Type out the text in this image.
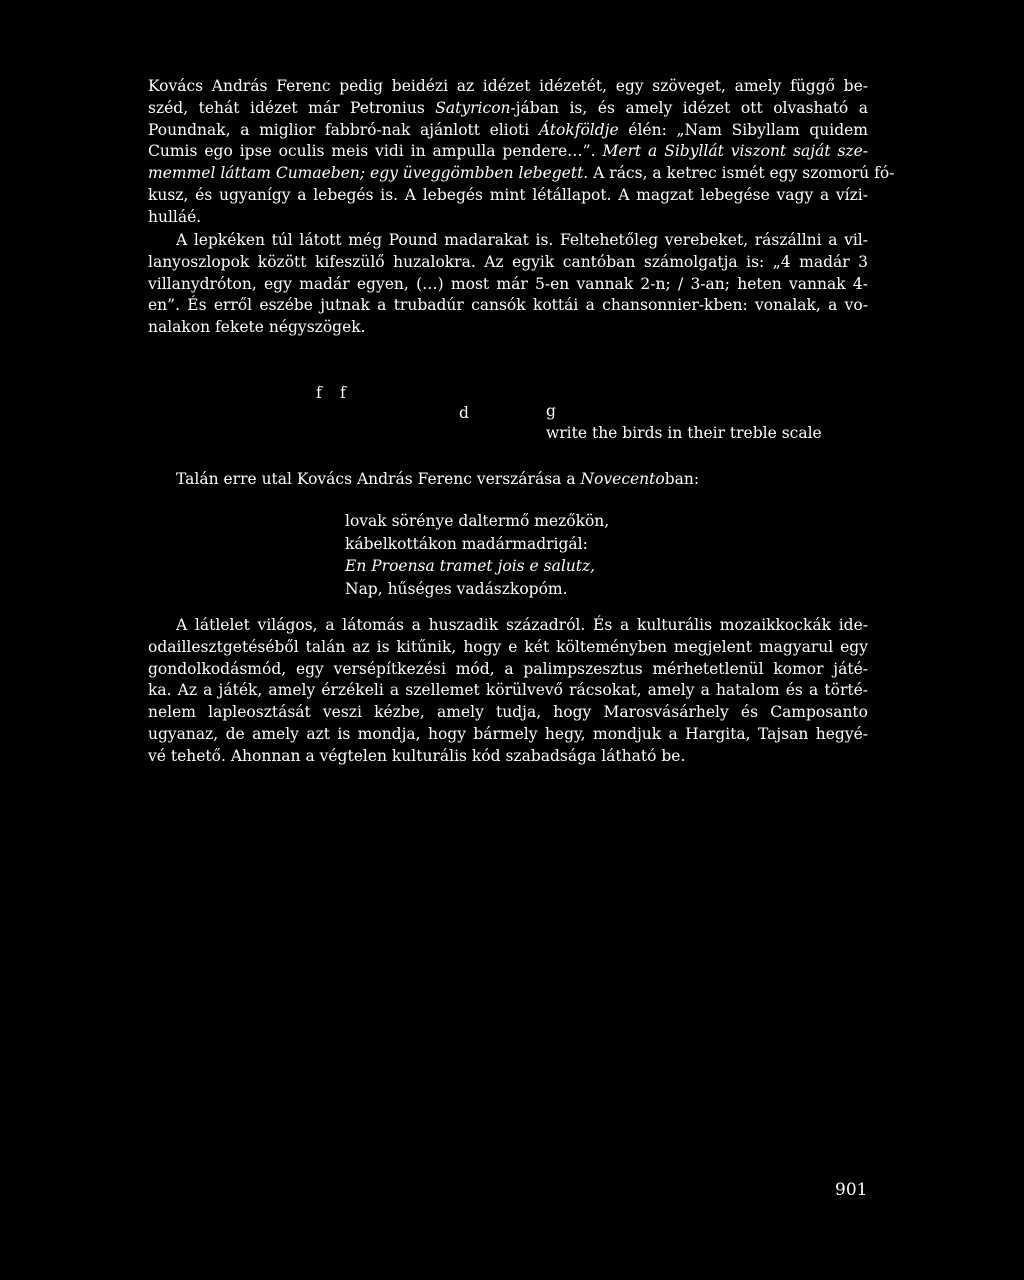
Kovács András Ferenc pedig beidézi az idézet idézetét, egy szöveget, amely függő be-
széd, tehát idézet már Petronius Satyricon-jában is, és amely idézet ott olvasható a
Poundnak, a miglior fabbró-nak ajánlott elioti Átokföldje élén: „Nam Sibyllam quidem
Cumis ego ipse oculis meis vidi in ampulla pendere…”. Mert a Sibyllát viszont saját sze-
memmel láttam Cumaeben; egy üveggömbben lebegett. A rács, a ketrec ismét egy szomorú fó-
kusz, és ugyanígy a lebegés is. A lebegés mint létállapot. A magzat lebegése vagy a vízi-
hulláé.

A lepkéken túl látott még Pound madarakat is. Feltehetőleg verebeket, rászállni a vil-
lanyoszlopok között kifeszülő huzalokra. Az egyik cantóban számolgatja is: „4 madár 3
villanydróton, egy madár egyen, (…) most már 5-en vannak 2-n; / 3-an; heten vannak 4-
en”. És erről eszébe jutnak a trubadúr cansók kottái a chansonnier-kben: vonalak, a vo-
nalakon fekete négyszögek.

f f
d	g
write the birds in their treble scale

Talán erre utal Kovács András Ferenc verszárása a Novecentoban:

lovak sörénye daltermő mezőkön,
kábelkottákon madármadrigál:
En Proensa tramet jois e salutz,
Nap, hűséges vadászkopóm.

A látlelet világos, a látomás a huszadik századról. És a kulturális mozaikkockák ide-
odaillesztgetéséből talán az is kitűnik, hogy e két költeményben megjelent magyarul egy
gondolkodásmód, egy versépítkezési mód, a palimpszesztus mérhetetlenül komor játé-
ka. Az a játék, amely érzékeli a szellemet körülvevő rácsokat, amely a hatalom és a törté-
nelem lapleosztását veszi kézbe, amely tudja, hogy Marosvásárhely és Camposanto
ugyanaz, de amely azt is mondja, hogy bármely hegy, mondjuk a Hargita, Tajsan hegyé-
vé tehető. Ahonnan a végtelen kulturális kód szabadsága látható be.

901
